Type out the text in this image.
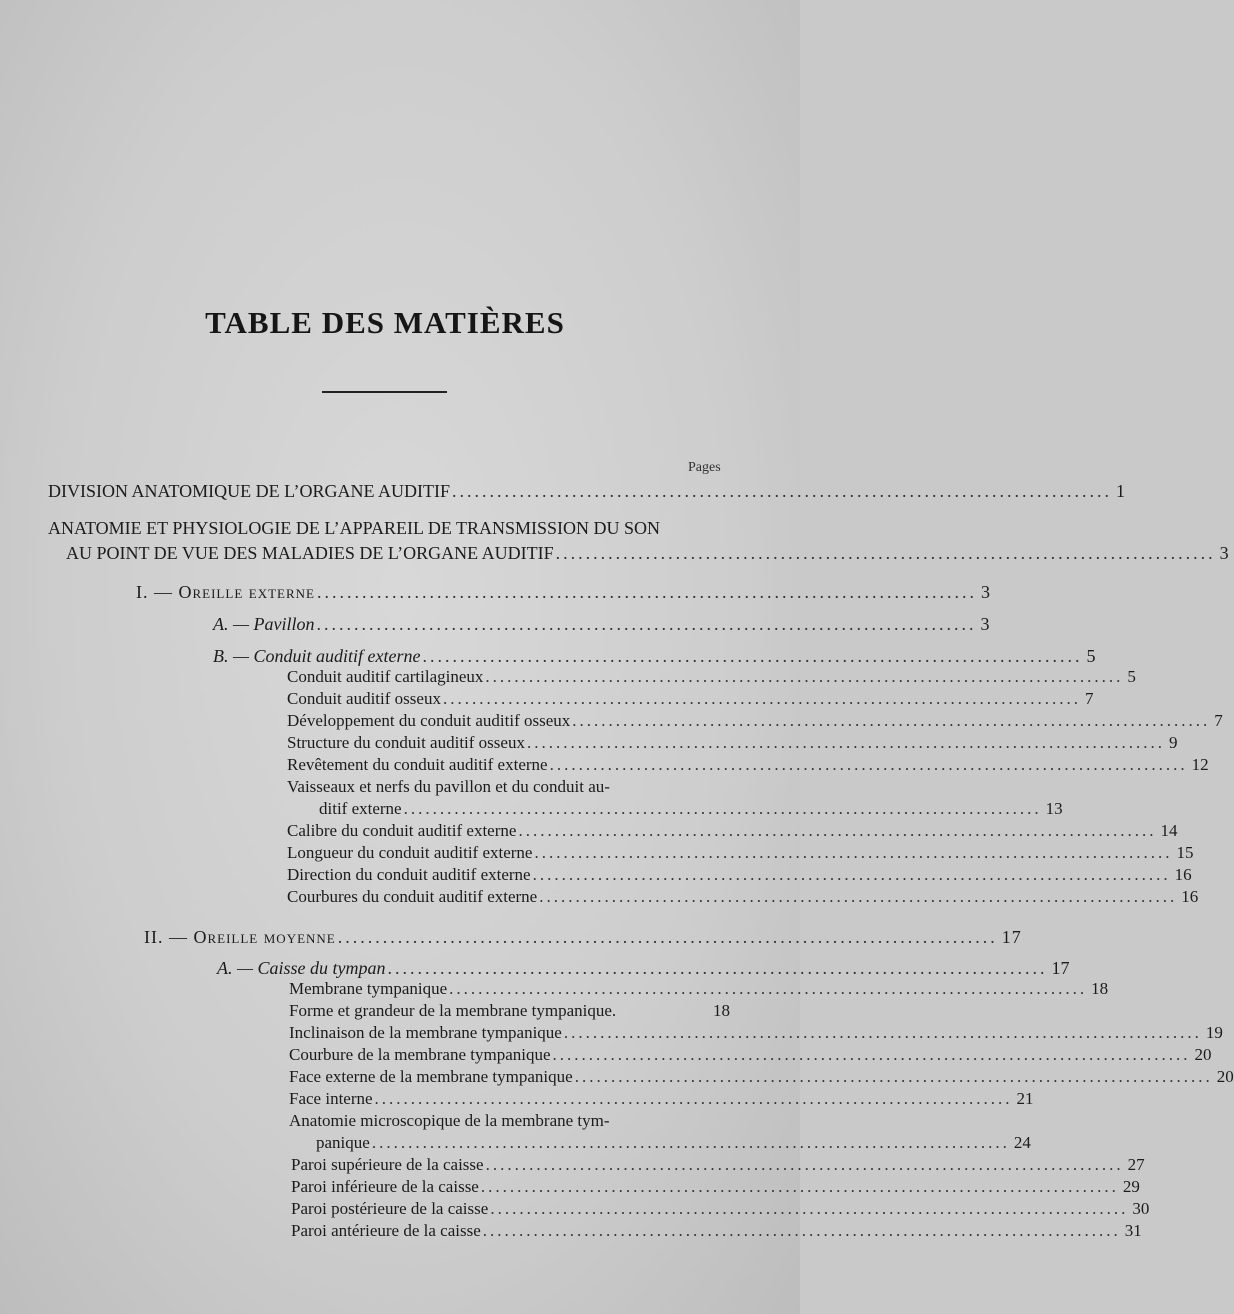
TABLE DES MATIÈRES
Pages
DIVISION ANATOMIQUE DE L’ORGANE AUDITIF ........................................................................................ 1
ANATOMIE ET PHYSIOLOGIE DE L’APPAREIL DE TRANSMISSION DU SON
AU POINT DE VUE DES MALADIES DE L’ORGANE AUDITIF ........................................................................................ 3
I. — Oreille externe ........................................................................................ 3
A. — Pavillon ........................................................................................ 3
B. — Conduit auditif externe ........................................................................................ 5
Conduit auditif cartilagineux ........................................................................................ 5
Conduit auditif osseux ........................................................................................ 7
Développement du conduit auditif osseux ........................................................................................ 7
Structure du conduit auditif osseux ........................................................................................ 9
Revêtement du conduit auditif externe ........................................................................................ 12
Vaisseaux et nerfs du pavillon et du conduit au-
ditif externe ........................................................................................ 13
Calibre du conduit auditif externe ........................................................................................ 14
Longueur du conduit auditif externe ........................................................................................ 15
Direction du conduit auditif externe ........................................................................................ 16
Courbures du conduit auditif externe ........................................................................................ 16
II. — Oreille moyenne ........................................................................................ 17
A. — Caisse du tympan ........................................................................................ 17
Membrane tympanique ........................................................................................ 18
Forme et grandeur de la membrane tympanique.	18
Inclinaison de la membrane tympanique ........................................................................................ 19
Courbure de la membrane tympanique ........................................................................................ 20
Face externe de la membrane tympanique ........................................................................................ 20
Face interne ........................................................................................ 21
Anatomie microscopique de la membrane tym-
panique ........................................................................................ 24
Paroi supérieure de la caisse ........................................................................................ 27
Paroi inférieure de la caisse ........................................................................................ 29
Paroi postérieure de la caisse ........................................................................................ 30
Paroi antérieure de la caisse ........................................................................................ 31
